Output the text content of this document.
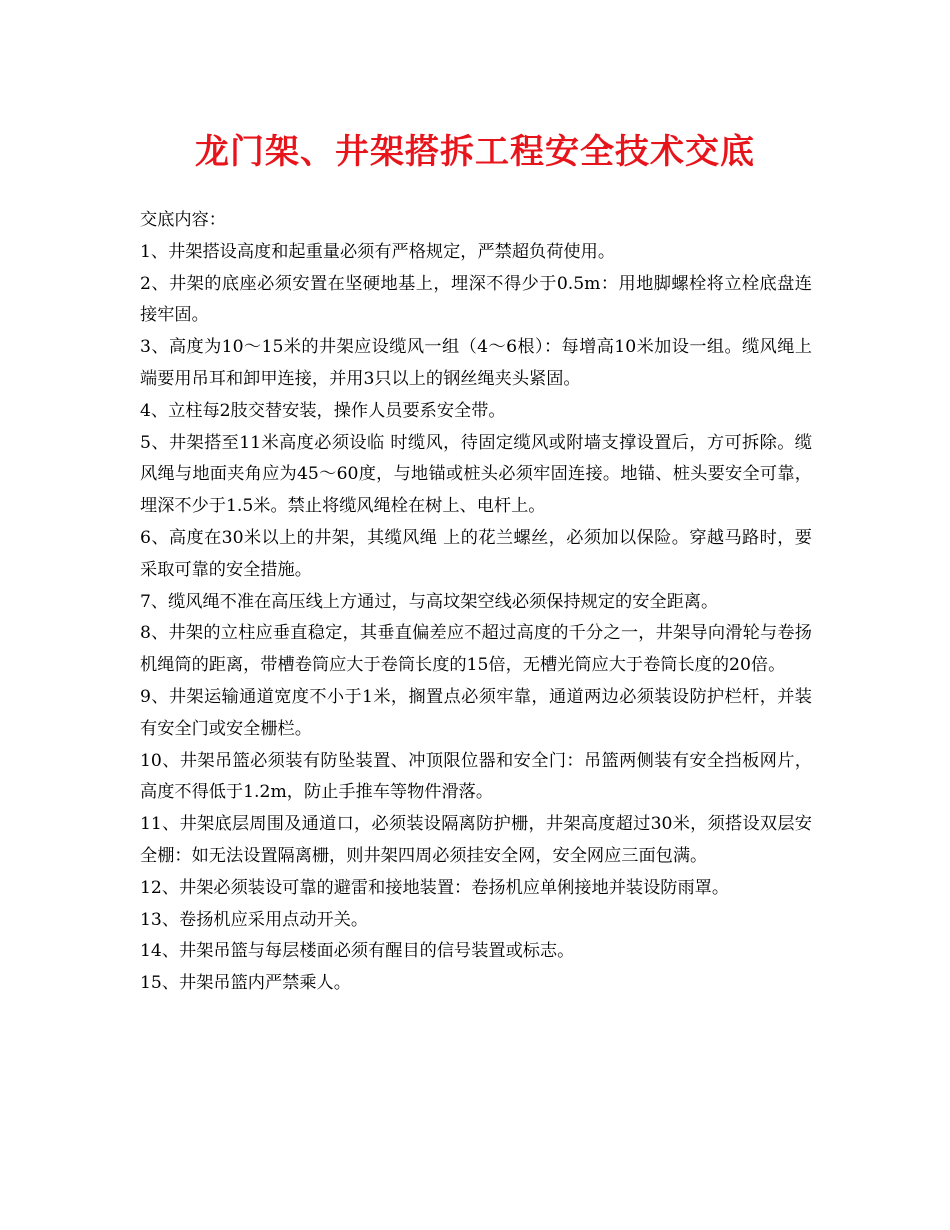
龙门架、井架搭拆工程安全技术交底

交底内容：

1、井架搭设高度和起重量必须有严格规定，严禁超负荷使用。

2、井架的底座必须安置在坚硬地基上，埋深不得少于0.5m：用地脚螺栓将立栓底盘连接牢固。

3、高度为10～15米的井架应设缆风一组（4～6根）：每增高10米加设一组。缆风绳上端要用吊耳和卸甲连接，并用3只以上的钢丝绳夹头紧固。

4、立柱每2肢交替安装，操作人员要系安全带。

5、井架搭至11米高度必须设临 时缆风，待固定缆风或附墙支撑设置后，方可拆除。缆风绳与地面夹角应为45～60度，与地锚或桩头必须牢固连接。地锚、桩头要安全可靠，埋深不少于1.5米。禁止将缆风绳栓在树上、电杆上。

6、高度在30米以上的井架，其缆风绳 上的花兰螺丝，必须加以保险。穿越马路时，要采取可靠的安全措施。

7、缆风绳不准在高压线上方通过，与高坟架空线必须保持规定的安全距离。

8、井架的立柱应垂直稳定，其垂直偏差应不超过高度的千分之一，井架导向滑轮与卷扬机绳筒的距离，带槽卷筒应大于卷筒长度的15倍，无槽光筒应大于卷筒长度的20倍。

9、井架运输通道宽度不小于1米，搁置点必须牢靠，通道两边必须装设防护栏杆，并装有安全门或安全栅栏。

10、井架吊篮必须装有防坠装置、冲顶限位器和安全门：吊篮两侧装有安全挡板网片，高度不得低于1.2m，防止手推车等物件滑落。

11、井架底层周围及通道口，必须装设隔离防护栅，井架高度超过30米，须搭设双层安全棚：如无法设置隔离栅，则井架四周必须挂安全网，安全网应三面包满。

12、井架必须装设可靠的避雷和接地装置：卷扬机应单俐接地并装设防雨罩。

13、卷扬机应采用点动开关。

14、井架吊篮与每层楼面必须有醒目的信号装置或标志。

15、井架吊篮内严禁乘人。
